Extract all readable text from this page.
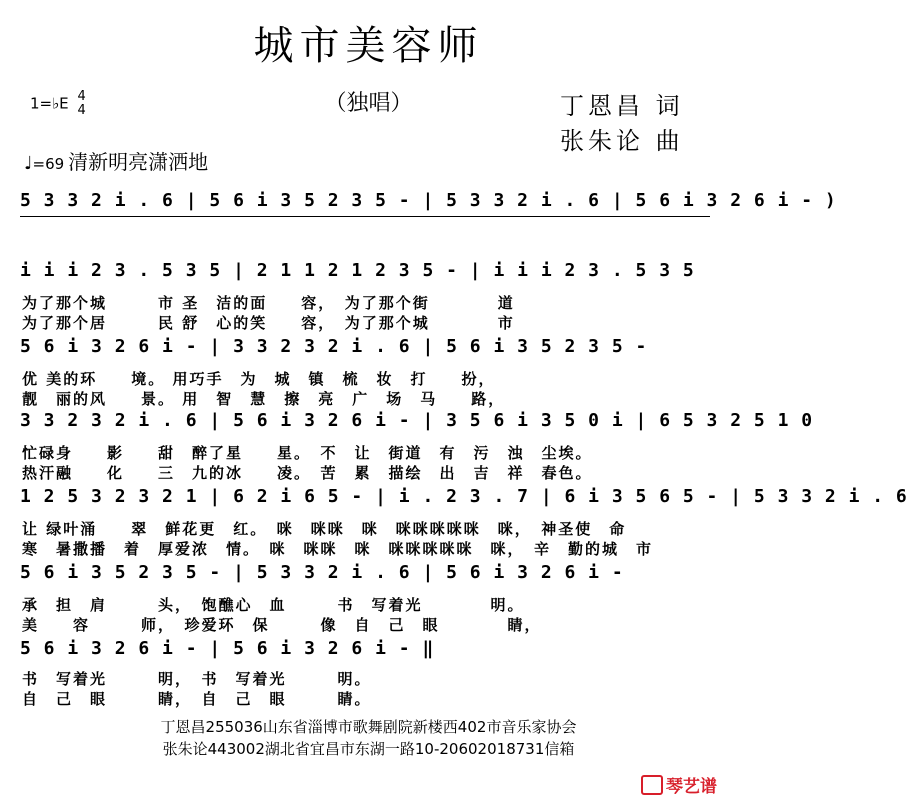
城市美容师
（独唱）
1=♭E 4
4	丁恩昌 词
张朱论 曲
♩=69 清新明亮潇洒地
5 3 3 2 i . 6 | 5 6 i 3 5 2 3 5 - | 5 3 3 2 i . 6 | 5 6 i 3 2 6 i - )
i i i 2 3 . 5 3 5 | 2 1 1 2 1 2 3 5 - | i i i 2 3 . 5 3 5
为了那个城　　　市 圣　洁的面　　容，　为了那个街　　　　道
为了那个居　　　民 舒　心的笑　　容，　为了那个城　　　　市
5 6 i 3 2 6 i - | 3 3 2 3 2 i . 6 | 5 6 i 3 5 2 3 5 -
优 美的环　　境。 用巧手　为　城　镇　梳　妆　打　　扮，
靓　丽的风　　景。 用　智　慧　擦　亮　广　场　马　　路，
3 3 2 3 2 i . 6 | 5 6 i 3 2 6 i - | 3 5 6 i 3 5 0 i | 6 5 3 2 5 1 0
忙碌身　　影　　甜　醉了星　　星。　不　让　街道　有　污　浊　尘埃。
热汗融　　化　　三　九的冰　　凌。　苦　累　描绘　出　吉　祥　春色。
1 2 5 3 2 3 2 1 | 6 2 i 6 5 - | i . 2 3 . 7 | 6 i 3 5 6 5 - | 5 3 3 2 i . 6
让 绿叶涌　　翠　鲜花更　红。　咪　咪咪　咪　咪咪咪咪咪　咪，　神圣使　命
寒　暑撒播　着　厚爱浓　情。　咪　咪咪　咪　咪咪咪咪咪　咪，　辛　勤的城　市
5 6 i 3 5 2 3 5 - | 5 3 3 2 i . 6 | 5 6 i 3 2 6 i -
承　担　肩　　　头，　饱醮心　血　　　书　写着光　　　　明。
美　　容　　　师，　珍爱环　保　　　像　自　己　眼　　　　睛，
5 6 i 3 2 6 i - | 5 6 i 3 2 6 i - ‖
书　写着光　　　明，　书　写着光　　　明。
自　己　眼　　　睛，　自　己　眼　　　睛。
丁恩昌255036山东省淄博市歌舞剧院新楼西402市音乐家协会
张朱论443002湖北省宜昌市东湖一路10-20602018731信箱
琴艺谱
